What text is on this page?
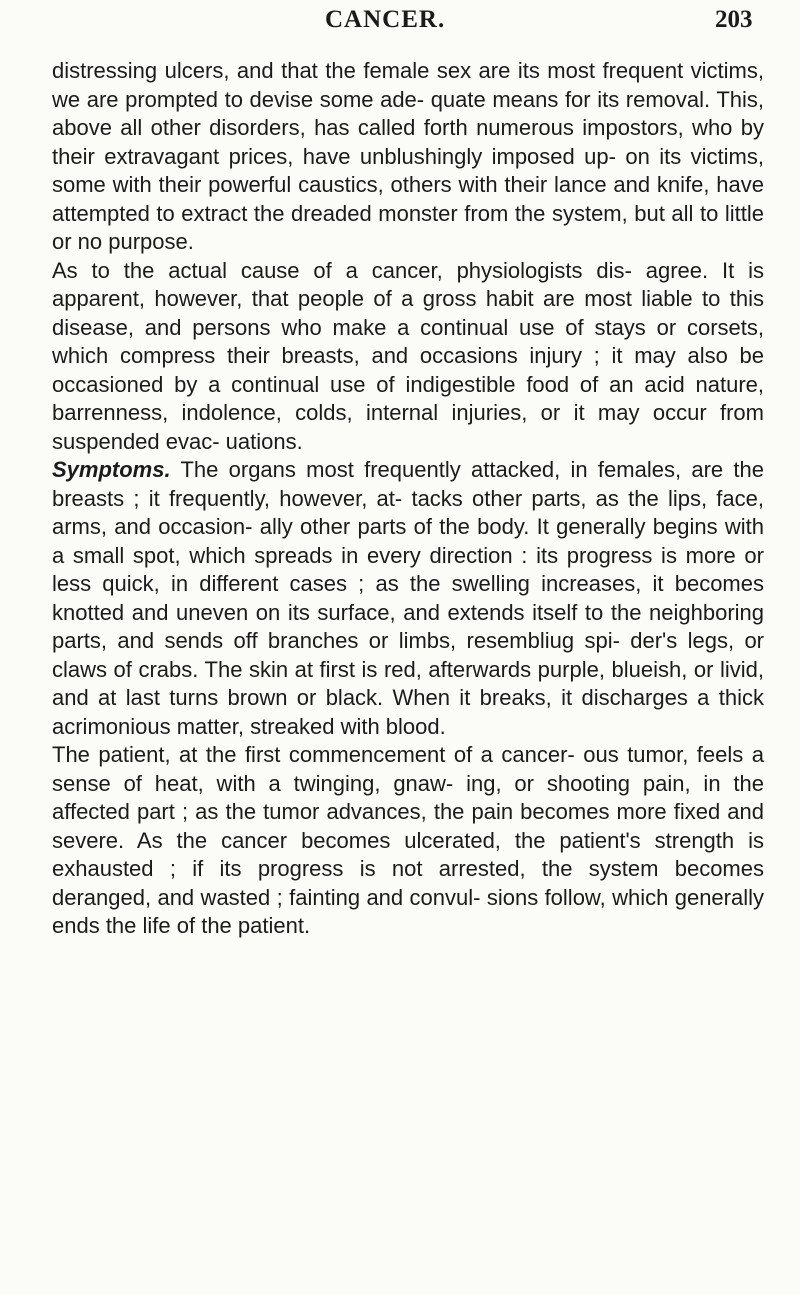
CANCER.	203

distressing ulcers, and that the female sex are its most frequent victims, we are prompted to devise some ade- quate means for its removal. This, above all other disorders, has called forth numerous impostors, who by their extravagant prices, have unblushingly imposed up- on its victims, some with their powerful caustics, others with their lance and knife, have attempted to extract the dreaded monster from the system, but all to little or no purpose.

As to the actual cause of a cancer, physiologists dis- agree. It is apparent, however, that people of a gross habit are most liable to this disease, and persons who make a continual use of stays or corsets, which compress their breasts, and occasions injury ; it may also be occasioned by a continual use of indigestible food of an acid nature, barrenness, indolence, colds, internal injuries, or it may occur from suspended evac- uations.

Symptoms. The organs most frequently attacked, in females, are the breasts ; it frequently, however, at- tacks other parts, as the lips, face, arms, and occasion- ally other parts of the body. It generally begins with a small spot, which spreads in every direction : its progress is more or less quick, in different cases ; as the swelling increases, it becomes knotted and uneven on its surface, and extends itself to the neighboring parts, and sends off branches or limbs, resembliug spi- der's legs, or claws of crabs. The skin at first is red, afterwards purple, blueish, or livid, and at last turns brown or black. When it breaks, it discharges a thick acrimonious matter, streaked with blood.

The patient, at the first commencement of a cancer- ous tumor, feels a sense of heat, with a twinging, gnaw- ing, or shooting pain, in the affected part ; as the tumor advances, the pain becomes more fixed and severe. As the cancer becomes ulcerated, the patient's strength is exhausted ; if its progress is not arrested, the system becomes deranged, and wasted ; fainting and convul- sions follow, which generally ends the life of the patient.
